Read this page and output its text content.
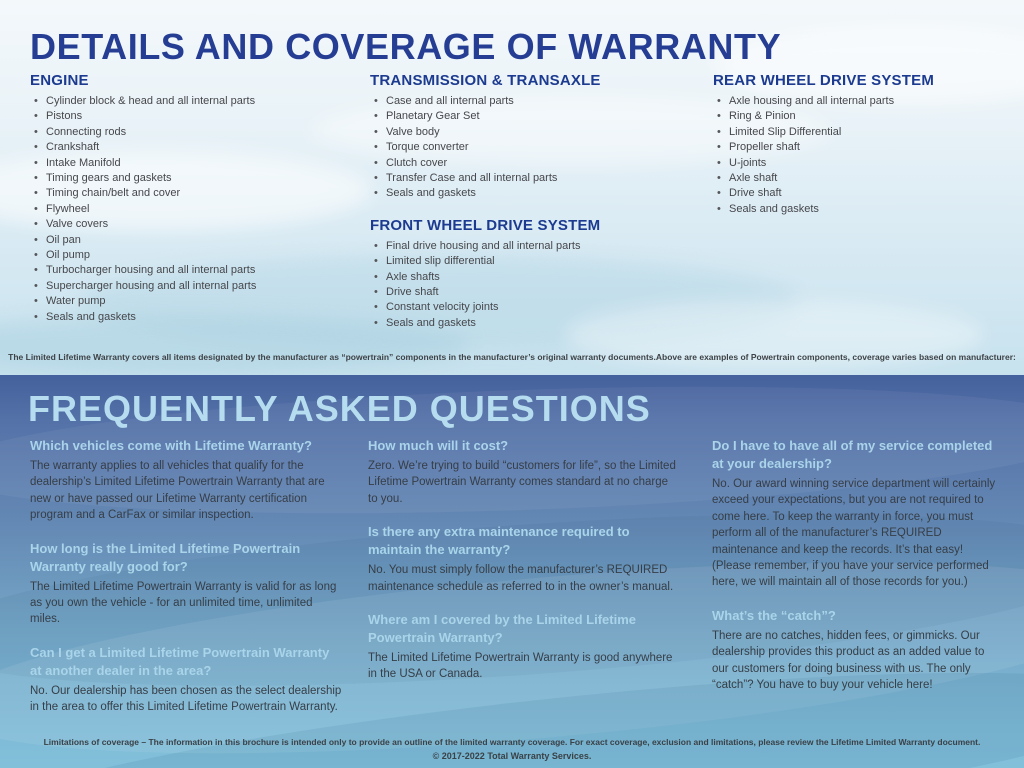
DETAILS AND COVERAGE OF WARRANTY
ENGINE
• Cylinder block & head and all internal parts
• Pistons
• Connecting rods
• Crankshaft
• Intake Manifold
• Timing gears and gaskets
• Timing chain/belt and cover
• Flywheel
• Valve covers
• Oil pan
• Oil pump
• Turbocharger housing and all internal parts
• Supercharger housing and all internal parts
• Water pump
• Seals and gaskets
TRANSMISSION & TRANSAXLE
• Case and all internal parts
• Planetary Gear Set
• Valve body
• Torque converter
• Clutch cover
• Transfer Case and all internal parts
• Seals and gaskets
FRONT WHEEL DRIVE SYSTEM
• Final drive housing and all internal parts
• Limited slip differential
• Axle shafts
• Drive shaft
• Constant velocity joints
• Seals and gaskets
REAR WHEEL DRIVE SYSTEM
• Axle housing and all internal parts
• Ring & Pinion
• Limited Slip Differential
• Propeller shaft
• U-joints
• Axle shaft
• Drive shaft
• Seals and gaskets

The Limited Lifetime Warranty covers all items designated by the manufacturer as “powertrain” components in the manufacturer’s original warranty documents.Above are examples of Powertrain components, coverage varies based on manufacturer:

FREQUENTLY ASKED QUESTIONS
Which vehicles come with Lifetime Warranty?

The warranty applies to all vehicles that qualify for the dealership’s Limited Lifetime Powertrain Warranty that are new or have passed our Lifetime Warranty certification program and a CarFax or similar inspection.

How long is the Limited Lifetime Powertrain Warranty really good for?

The Limited Lifetime Powertrain Warranty is valid for as long as you own the vehicle - for an unlimited time, unlimited miles.

Can I get a Limited Lifetime Powertrain Warranty at another dealer in the area?

No. Our dealership has been chosen as the select dealership in the area to offer this Limited Lifetime Powertrain Warranty.

How much will it cost?

Zero. We’re trying to build “customers for life”, so the Limited Lifetime Powertrain Warranty comes standard at no charge to you.

Is there any extra maintenance required to maintain the warranty?

No. You must simply follow the manufacturer’s REQUIRED maintenance schedule as referred to in the owner’s manual.

Where am I covered by the Limited Lifetime Powertrain Warranty?

The Limited Lifetime Powertrain Warranty is good anywhere in the USA or Canada.

Do I have to have all of my service completed at your dealership?

No. Our award winning service department will certainly exceed your expectations, but you are not required to come here. To keep the warranty in force, you must perform all of the manufacturer’s REQUIRED maintenance and keep the records. It’s that easy! (Please remember, if you have your service performed here, we will maintain all of those records for you.)

What’s the “catch”?

There are no catches, hidden fees, or gimmicks. Our dealership provides this product as an added value to our customers for doing business with us. The only “catch”? You have to buy your vehicle here!

Limitations of coverage – The information in this brochure is intended only to provide an outline of the limited warranty coverage. For exact coverage, exclusion and limitations, please review the Lifetime Limited Warranty document.
© 2017-2022 Total Warranty Services.
